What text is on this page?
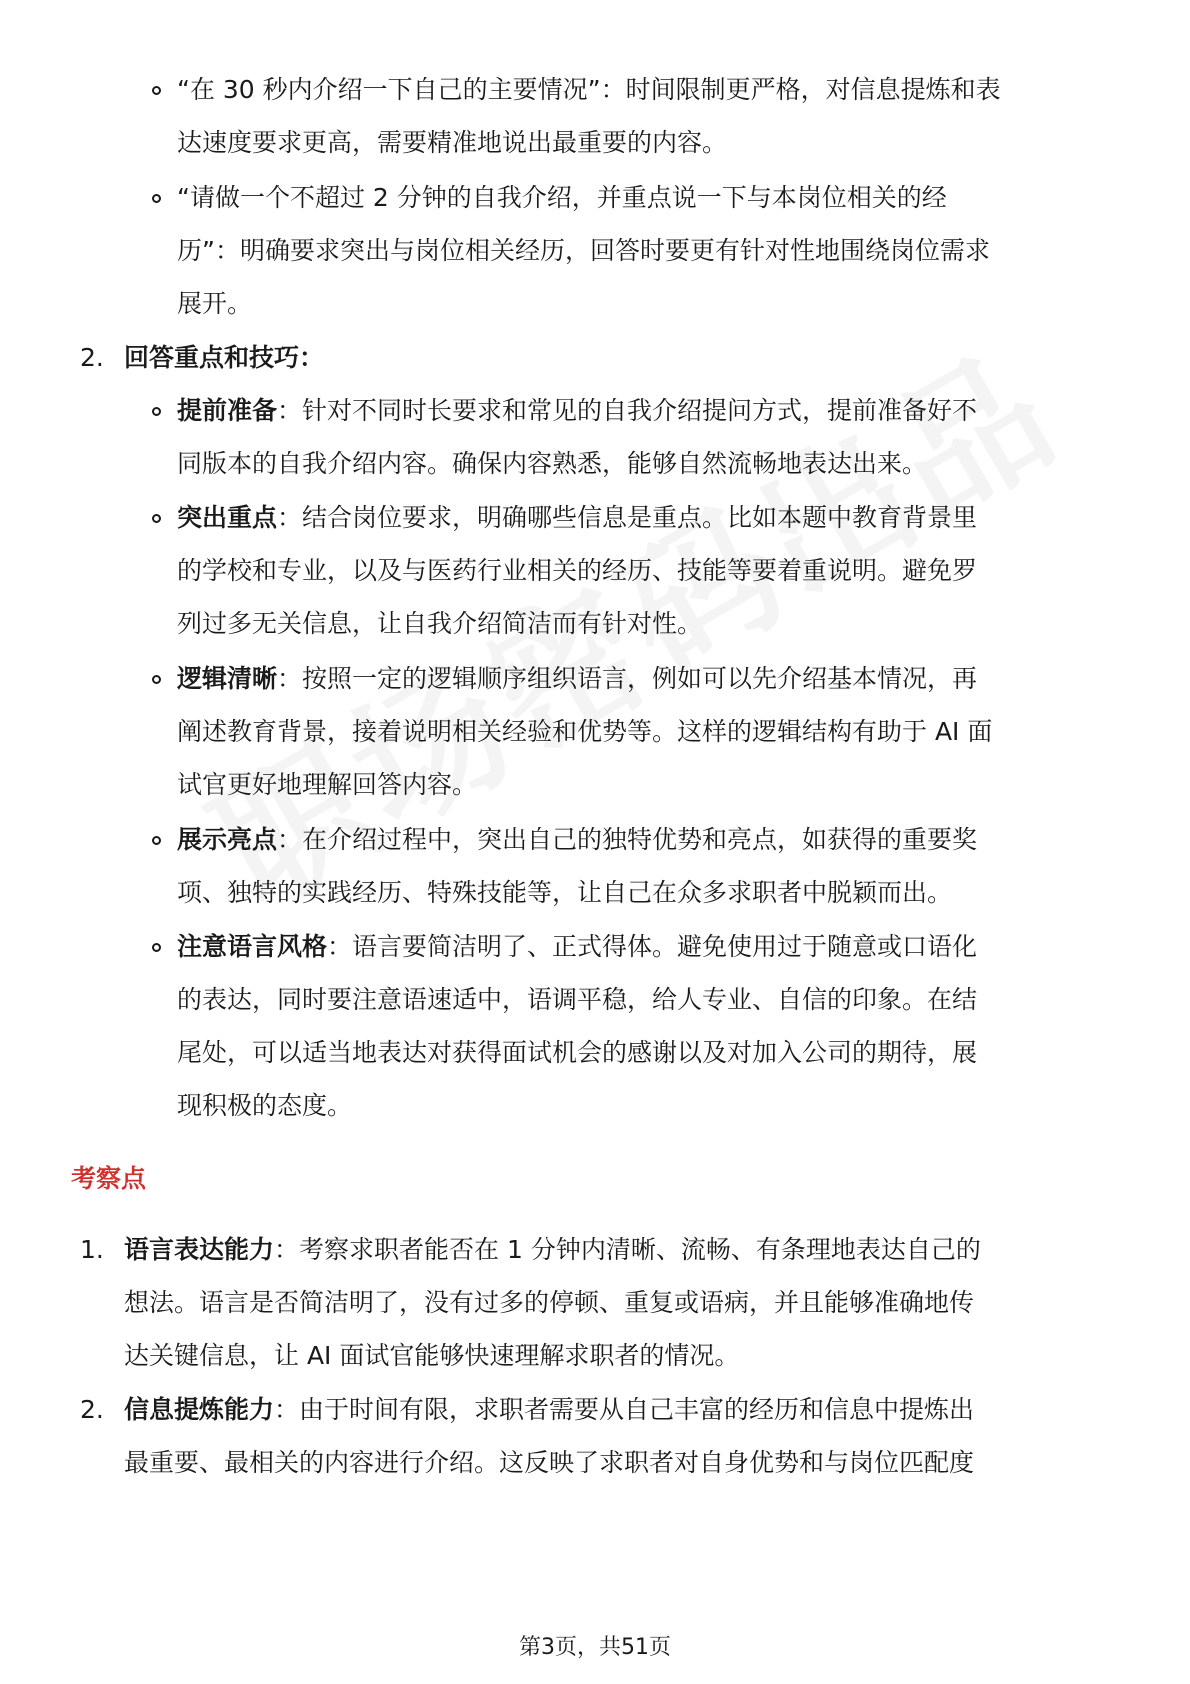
“在 30 秒内介绍一下自己的主要情况”：时间限制更严格，对信息提炼和表
达速度要求更高，需要精准地说出最重要的内容。
“请做一个不超过 2 分钟的自我介绍，并重点说一下与本岗位相关的经
历”：明确要求突出与岗位相关经历，回答时要更有针对性地围绕岗位需求
展开。
2. 回答重点和技巧：
提前准备：针对不同时长要求和常见的自我介绍提问方式，提前准备好不
同版本的自我介绍内容。确保内容熟悉，能够自然流畅地表达出来。
突出重点：结合岗位要求，明确哪些信息是重点。比如本题中教育背景里
的学校和专业，以及与医药行业相关的经历、技能等要着重说明。避免罗
列过多无关信息，让自我介绍简洁而有针对性。
逻辑清晰：按照一定的逻辑顺序组织语言，例如可以先介绍基本情况，再
阐述教育背景，接着说明相关经验和优势等。这样的逻辑结构有助于 AI 面
试官更好地理解回答内容。
展示亮点：在介绍过程中，突出自己的独特优势和亮点，如获得的重要奖
项、独特的实践经历、特殊技能等，让自己在众多求职者中脱颖而出。
注意语言风格：语言要简洁明了、正式得体。避免使用过于随意或口语化
的表达，同时要注意语速适中，语调平稳，给人专业、自信的印象。在结
尾处，可以适当地表达对获得面试机会的感谢以及对加入公司的期待，展
现积极的态度。
考察点
1. 语言表达能力：考察求职者能否在 1 分钟内清晰、流畅、有条理地表达自己的
想法。语言是否简洁明了，没有过多的停顿、重复或语病，并且能够准确地传
达关键信息，让 AI 面试官能够快速理解求职者的情况。
2. 信息提炼能力：由于时间有限，求职者需要从自己丰富的经历和信息中提炼出
最重要、最相关的内容进行介绍。这反映了求职者对自身优势和与岗位匹配度
第3页，共51页
